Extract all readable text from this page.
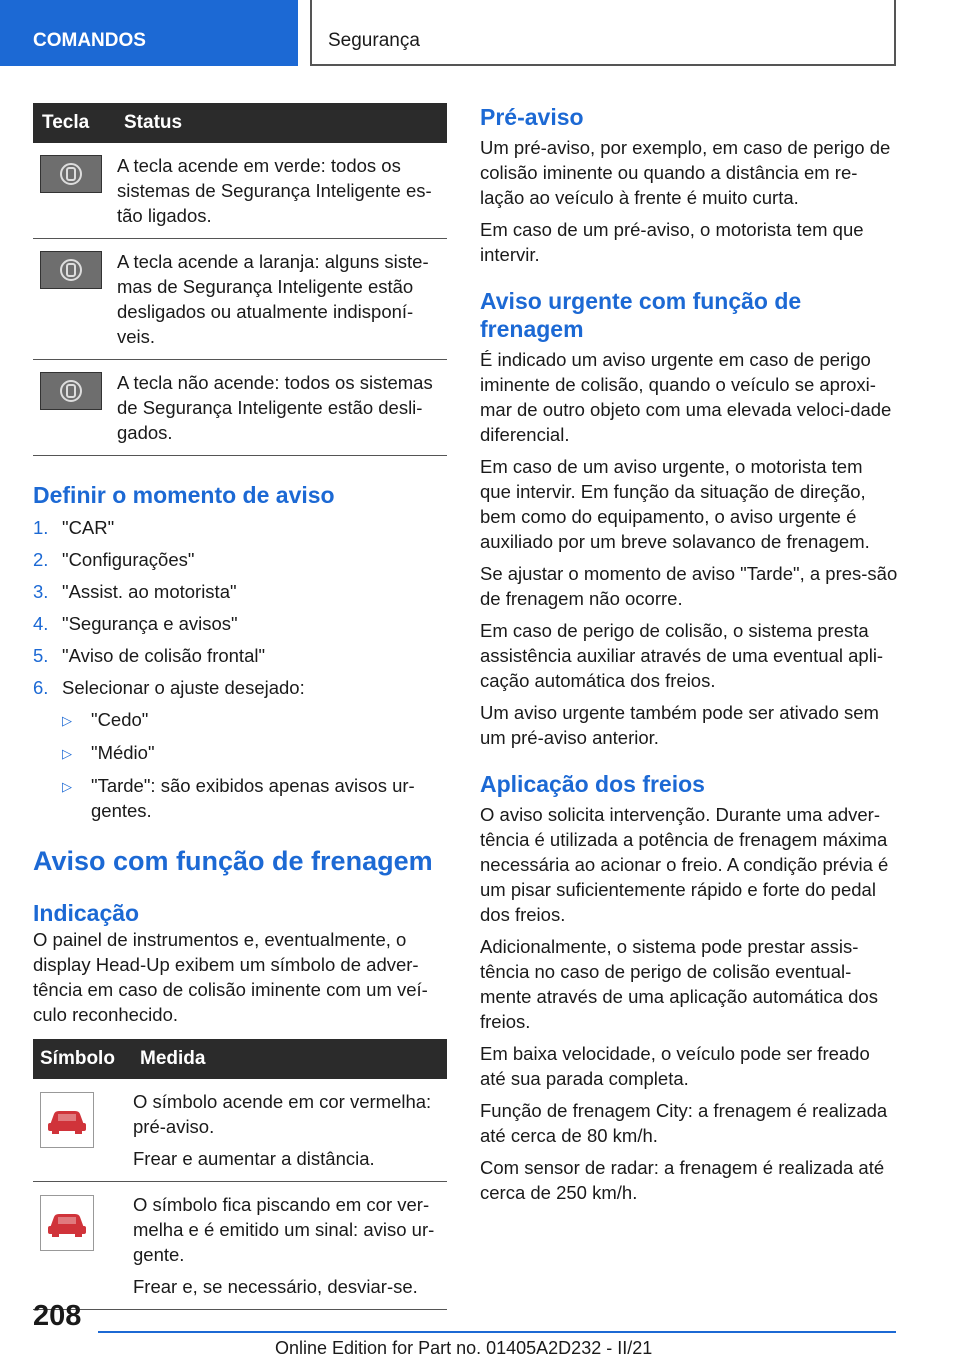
COMANDOS	Segurança
Tecla	Status

	A tecla acende em verde: todos os sistemas de Segurança Inteligente es-tão ligados.

	A tecla acende a laranja: alguns siste-mas de Segurança Inteligente estão desligados ou atualmente indisponí-veis.

	A tecla não acende: todos os sistemas de Segurança Inteligente estão desli-gados.
Definir o momento de aviso
1. "CAR"
2. "Configurações"
3. "Assist. ao motorista"
4. "Segurança e avisos"
5. "Aviso de colisão frontal"
6. Selecionar o ajuste desejado:
▷	"Cedo"
▷	"Médio"
▷	"Tarde": são exibidos apenas avisos ur-gentes.
Aviso com função de frenagem
Indicação

O painel de instrumentos e, eventualmente, o display Head-Up exibem um símbolo de adver-tência em caso de colisão iminente com um veí-culo reconhecido.

Símbolo	Medida

O símbolo acende em cor vermelha: pré-aviso.
Frear e aumentar a distância.

O símbolo fica piscando em cor ver-melha e é emitido um sinal: aviso ur-gente.
Frear e, se necessário, desviar-se.
Pré-aviso

Um pré-aviso, por exemplo, em caso de perigo de colisão iminente ou quando a distância em re-lação ao veículo à frente é muito curta.

Em caso de um pré-aviso, o motorista tem que intervir.

Aviso urgente com função de frenagem

É indicado um aviso urgente em caso de perigo iminente de colisão, quando o veículo se aproxi-mar de outro objeto com uma elevada veloci-dade diferencial.

Em caso de um aviso urgente, o motorista tem que intervir. Em função da situação de direção, bem como do equipamento, o aviso urgente é auxiliado por um breve solavanco de frenagem.

Se ajustar o momento de aviso "Tarde", a pres-são de frenagem não ocorre.

Em caso de perigo de colisão, o sistema presta assistência auxiliar através de uma eventual apli-cação automática dos freios.

Um aviso urgente também pode ser ativado sem um pré-aviso anterior.

Aplicação dos freios

O aviso solicita intervenção. Durante uma adver-tência é utilizada a potência de frenagem máxima necessária ao acionar o freio. A condição prévia é um pisar suficientemente rápido e forte do pedal dos freios.

Adicionalmente, o sistema pode prestar assis-tência no caso de perigo de colisão eventual-mente através de uma aplicação automática dos freios.

Em baixa velocidade, o veículo pode ser freado até sua parada completa.

Função de frenagem City: a frenagem é realizada até cerca de 80 km/h.

Com sensor de radar: a frenagem é realizada até cerca de 250 km/h.

208
Online Edition for Part no. 01405A2D232 - II/21
